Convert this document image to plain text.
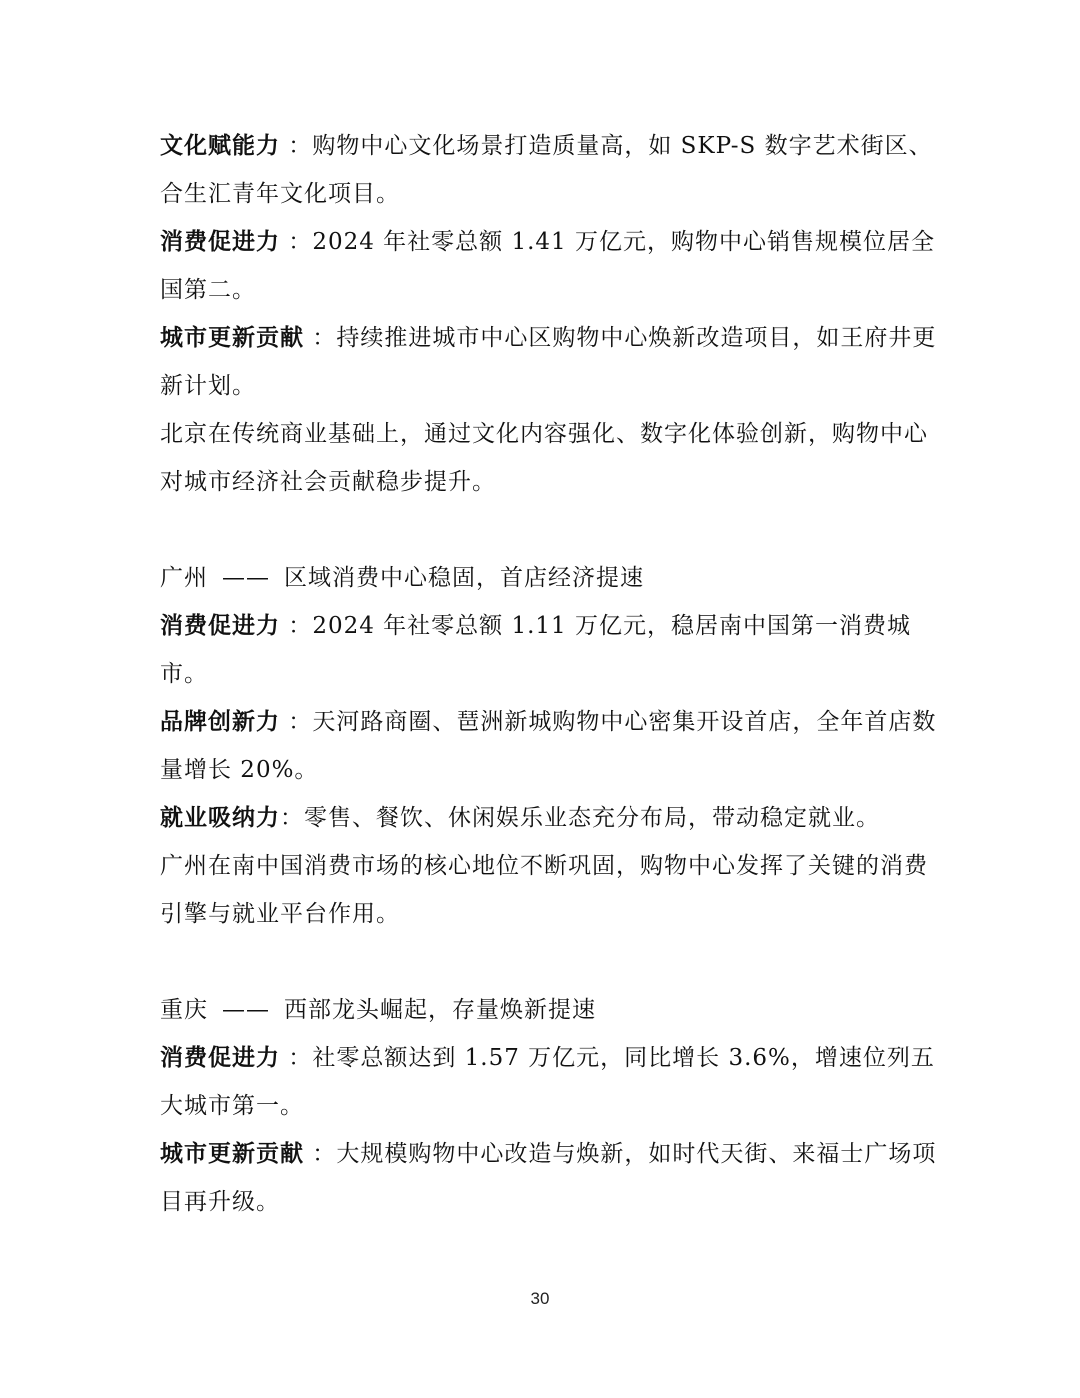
文化赋能力 ：购物中心文化场景打造质量高，如 SKP-S 数字艺术街区、合生汇青年文化项目。

消费促进力 ：2024 年社零总额 1.41 万亿元，购物中心销售规模位居全国第二。

城市更新贡献 ：持续推进城市中心区购物中心焕新改造项目，如王府井更新计划。

北京在传统商业基础上，通过文化内容强化、数字化体验创新，购物中心对城市经济社会贡献稳步提升。

广州 —— 区域消费中心稳固，首店经济提速

消费促进力 ：2024 年社零总额 1.11 万亿元，稳居南中国第一消费城市。

品牌创新力 ：天河路商圈、琶洲新城购物中心密集开设首店，全年首店数量增长 20%。

就业吸纳力：零售、餐饮、休闲娱乐业态充分布局，带动稳定就业。

广州在南中国消费市场的核心地位不断巩固，购物中心发挥了关键的消费引擎与就业平台作用。

重庆 —— 西部龙头崛起，存量焕新提速

消费促进力 ：社零总额达到 1.57 万亿元，同比增长 3.6%，增速位列五大城市第一。

城市更新贡献 ：大规模购物中心改造与焕新，如时代天街、来福士广场项目再升级。

30
